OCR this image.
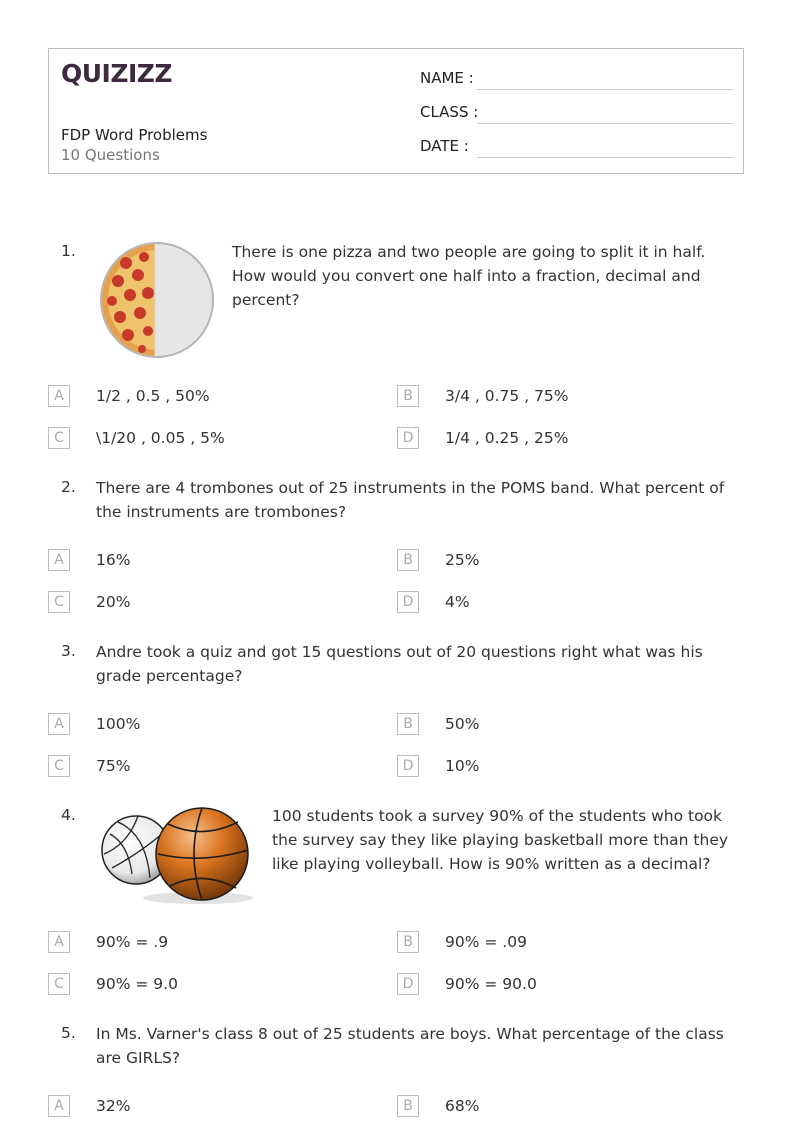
QUIZIZZ
FDP Word Problems
10 Questions
NAME :
CLASS :
DATE :
1.	There is one pizza and two people are going to split it in half. How would you convert one half into a fraction, decimal and percent?
A	1/2 , 0.5 , 50%	B	3/4 , 0.75 , 75%
C	\1/20 , 0.05 , 5%	D	1/4 , 0.25 , 25%
2. There are 4 trombones out of 25 instruments in the POMS band. What percent of the instruments are trombones?
A	16%	B	25%
C	20%	D	4%
3. Andre took a quiz and got 15 questions out of 20 questions right what was his grade percentage?
A	100%	B	50%
C	75%	D	10%
4.	100 students took a survey 90% of the students who took the survey say they like playing basketball more than they like playing volleyball. How is 90% written as a decimal?
A	90% = .9	B	90% = .09
C	90% = 9.0	D	90% = 90.0
5. In Ms. Varner's class 8 out of 25 students are boys. What percentage of the class are GIRLS?
A	32%	B	68%
